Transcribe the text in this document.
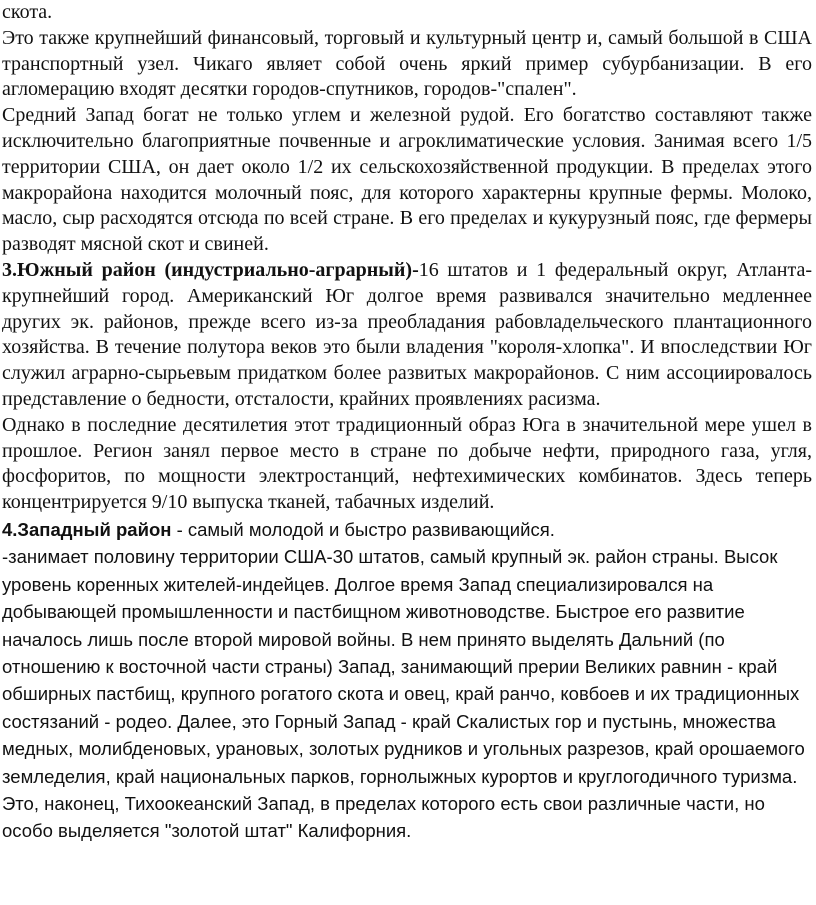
скота.

Это также крупнейший финансовый, торговый и культурный центр и, самый большой в США транспортный узел. Чикаго являет собой очень яркий пример субурбанизации. В его агломерацию входят десятки городов-спутников, городов-"спален".

Средний Запад богат не только углем и железной рудой. Его богатство составляют также исключительно благоприятные почвенные и агроклиматические условия. Занимая всего 1/5 территории США, он дает около 1/2 их сельскохозяйственной продукции. В пределах этого макрорайона находится молочный пояс, для которого характерны крупные фермы. Молоко, масло, сыр расходятся отсюда по всей стране. В его пределах и кукурузный пояс, где фермеры разводят мясной скот и свиней.

3.Южный район (индустриально-аграрный)-16 штатов и 1 федеральный округ, Атланта-крупнейший город. Американский Юг долгое время развивался значительно медленнее других эк. районов, прежде всего из-за преобладания рабовладельческого плантационного хозяйства. В течение полутора веков это были владения "короля-хлопка". И впоследствии Юг служил аграрно-сырьевым придатком более развитых макрорайонов. С ним ассоциировалось представление о бедности, отсталости, крайних проявлениях расизма.

Однако в последние десятилетия этот традиционный образ Юга в значительной мере ушел в прошлое. Регион занял первое место в стране по добыче нефти, природного газа, угля, фосфоритов, по мощности электростанций, нефтехимических комбинатов. Здесь теперь концентрируется 9/10 выпуска тканей, табачных изделий.

4.Западный район - самый молодой и быстро развивающийся.

-занимает половину территории США-30 штатов, самый крупный эк. район страны. Высок уровень коренных жителей-индейцев. Долгое время Запад специализировался на добывающей промышленности и пастбищном животноводстве. Быстрое его развитие началось лишь после второй мировой войны. В нем принято выделять Дальний (по отношению к восточной части страны) Запад, занимающий прерии Великих равнин - край обширных пастбищ, крупного рогатого скота и овец, край ранчо, ковбоев и их традиционных состязаний - родео. Далее, это Горный Запад - край Скалистых гор и пустынь, множества медных, молибденовых, урановых, золотых рудников и угольных разрезов, край орошаемого земледелия, край национальных парков, горнолыжных курортов и круглогодичного туризма. Это, наконец, Тихоокеанский Запад, в пределах которого есть свои различные части, но особо выделяется "золотой штат" Калифорния.
